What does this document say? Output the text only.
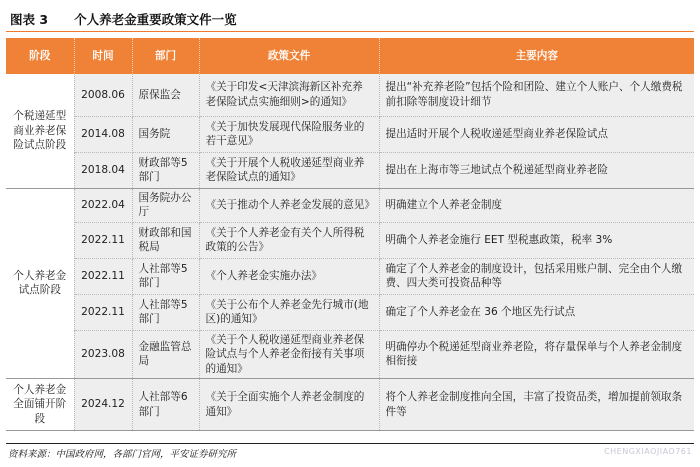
图表 3 个人养老金重要政策文件一览
阶段	时间	部门	政策文件	主要内容
个税递延型商业养老保险试点阶段	2008.06	原保监会	《关于印发<天津滨海新区补充养老保险试点实施细则>的通知》	提出“补充养老险”包括个险和团险、建立个人账户、个人缴费税前扣除等制度设计细节
	2014.08	国务院	《关于加快发展现代保险服务业的若干意见》	提出适时开展个人税收递延型商业养老保险试点
	2018.04	财政部等5部门	《关于开展个人税收递延型商业养老保险试点的通知》	提出在上海市等三地试点个税递延型商业养老险
个人养老金试点阶段	2022.04	国务院办公厅	《关于推动个人养老金发展的意见》	明确建立个人养老金制度
	2022.11	财政部和国税局	《关于个人养老金有关个人所得税政策的公告》	明确个人养老金施行 EET 型税惠政策，税率 3%
	2022.11	人社部等5部门	《个人养老金实施办法》	确定了个人养老金的制度设计，包括采用账户制、完全由个人缴费、四大类可投资品种等
	2022.11	人社部等5部门	《关于公布个人养老金先行城市(地区)的通知》	确定了个人养老金在 36 个地区先行试点
	2023.08	金融监管总局	《关于个人税收递延型商业养老保险试点与个人养老金衔接有关事项的通知》	明确停办个税递延型商业养老险，将存量保单与个人养老金制度相衔接
个人养老金全面铺开阶段	2024.12	人社部等6部门	《关于全面实施个人养老金制度的通知》	将个人养老金制度推向全国，丰富了投资品类，增加提前领取条件等
资料来源：中国政府网，各部门官网，平安证券研究所	CHENGXIAOJIAO761
